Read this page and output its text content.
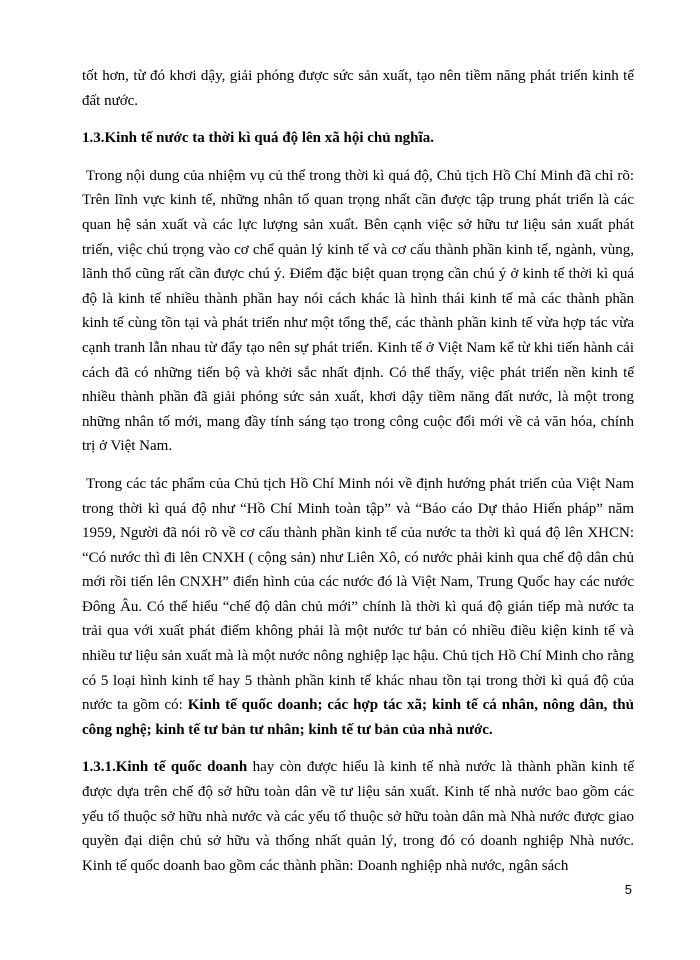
tốt hơn, từ đó khơi dậy, giải phóng được sức sản xuất, tạo nên tiềm năng phát triển kinh tế đất nước.

1.3.Kinh tế nước ta thời kì quá độ lên xã hội chủ nghĩa.

Trong nội dung của nhiệm vụ củ thể trong thời kì quá độ, Chủ tịch Hồ Chí Minh đã chỉ rõ: Trên lĩnh vực kinh tế, những nhân tố quan trọng nhất cần được tập trung phát triển là các quan hệ sản xuất và các lực lượng sản xuất. Bên cạnh việc sở hữu tư liệu sản xuất phát triển, việc chú trọng vào cơ chế quản lý kinh tế và cơ cấu thành phần kinh tế, ngành, vùng, lãnh thổ cũng rất cần được chú ý. Điểm đặc biệt quan trọng cần chú ý ở kinh tế thời kì quá độ là kinh tế nhiều thành phần hay nói cách khác là hình thái kinh tế mà các thành phần kinh tế cùng tồn tại và phát triển như một tổng thể, các thành phần kinh tế vừa hợp tác vừa cạnh tranh lẫn nhau từ đẩy tạo nên sự phát triển. Kinh tế ở Việt Nam kể từ khi tiến hành cải cách đã có những tiến bộ và khởi sắc nhất định. Có thể thấy, việc phát triển nền kinh tế nhiều thành phần đã giải phóng sức sản xuất, khơi dậy tiềm năng đất nước, là một trong những nhân tố mới, mang đầy tính sáng tạo trong công cuộc đổi mới về cả văn hóa, chính trị ở Việt Nam.

Trong các tác phẩm của Chủ tịch Hồ Chí Minh nói về định hướng phát triển của Việt Nam trong thời kì quá độ như “Hồ Chí Minh toàn tập” và “Báo cáo Dự thảo Hiến pháp” năm 1959, Người đã nói rõ về cơ cấu thành phần kinh tế của nước ta thời kì quá độ lên XHCN: “Có nước thì đi lên CNXH ( cộng sản) như Liên Xô, có nước phải kinh qua chế độ dân chủ mới rồi tiến lên CNXH” điển hình của các nước đó là Việt Nam, Trung Quốc hay các nước Đông Âu. Có thể hiểu “chế độ dân chủ mới” chính là thời kì quá độ gián tiếp mà nước ta trải qua với xuất phát điểm không phải là một nước tư bản có nhiều điều kiện kinh tế và nhiều tư liệu sản xuất mà là một nước nông nghiệp lạc hậu. Chủ tịch Hồ Chí Minh cho rằng có 5 loại hình kinh tế hay 5 thành phần kinh tế khác nhau tồn tại trong thời kì quá độ của nước ta gồm có: Kinh tế quốc doanh; các hợp tác xã; kinh tế cá nhân, nông dân, thủ công nghệ; kinh tế tư bản tư nhân; kinh tế tư bản của nhà nước.

1.3.1.Kinh tế quốc doanh hay còn được hiểu là kinh tế nhà nước là thành phần kinh tế được dựa trên chế độ sở hữu toàn dân về tư liệu sản xuất. Kinh tế nhà nước bao gồm các yếu tố thuộc sở hữu nhà nước và các yếu tố thuộc sở hữu toàn dân mà Nhà nước được giao quyền đại diện chủ sở hữu và thống nhất quản lý, trong đó có doanh nghiệp Nhà nước. Kinh tế quốc doanh bao gồm các thành phần: Doanh nghiệp nhà nước, ngân sách

5
